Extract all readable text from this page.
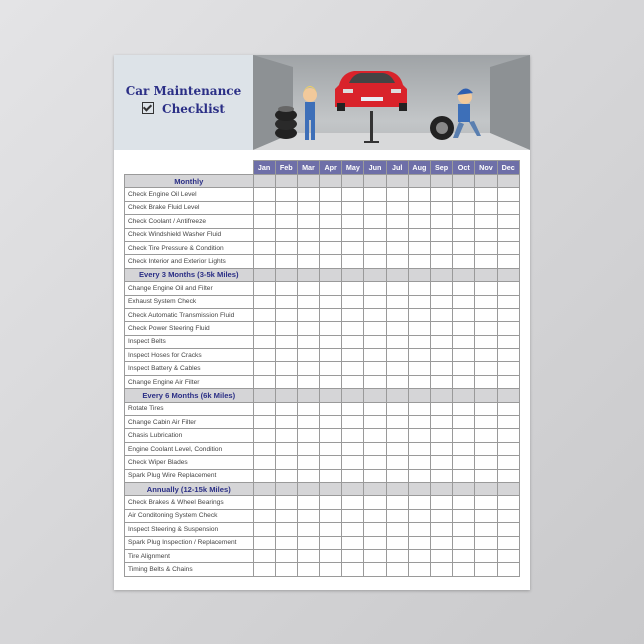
Car Maintenance
Checklist
	Jan	Feb	Mar	Apr	May	Jun	Jul	Aug	Sep	Oct	Nov	Dec
Monthly												
Check Engine Oil Level												
Check Brake Fluid Level												
Check Coolant / Antifreeze												
Check Windshield Washer Fluid												
Check Tire Pressure & Condition												
Check Interior and Exterior Lights												
Every 3 Months (3-5k Miles)												
Change Engine Oil and Filter												
Exhaust System Check												
Check Automatic Transmission Fluid												
Check Power Steering Fluid												
Inspect Belts												
Inspect Hoses for Cracks												
Inspect Battery & Cables												
Change Engine Air Filter												
Every 6 Months (6k Miles)												
Rotate Tires												
Change Cabin Air Filter												
Chasis Lubrication												
Engine Coolant Level, Condition												
Check Wiper Blades												
Spark Plug Wire Replacement												
Annually (12-15k Miles)												
Check Brakes & Wheel Bearings												
Air Conditoning System Check												
Inspect Steering & Suspension												
Spark Plug Inspection / Replacement												
Tire Alignment												
Timing Belts & Chains												
